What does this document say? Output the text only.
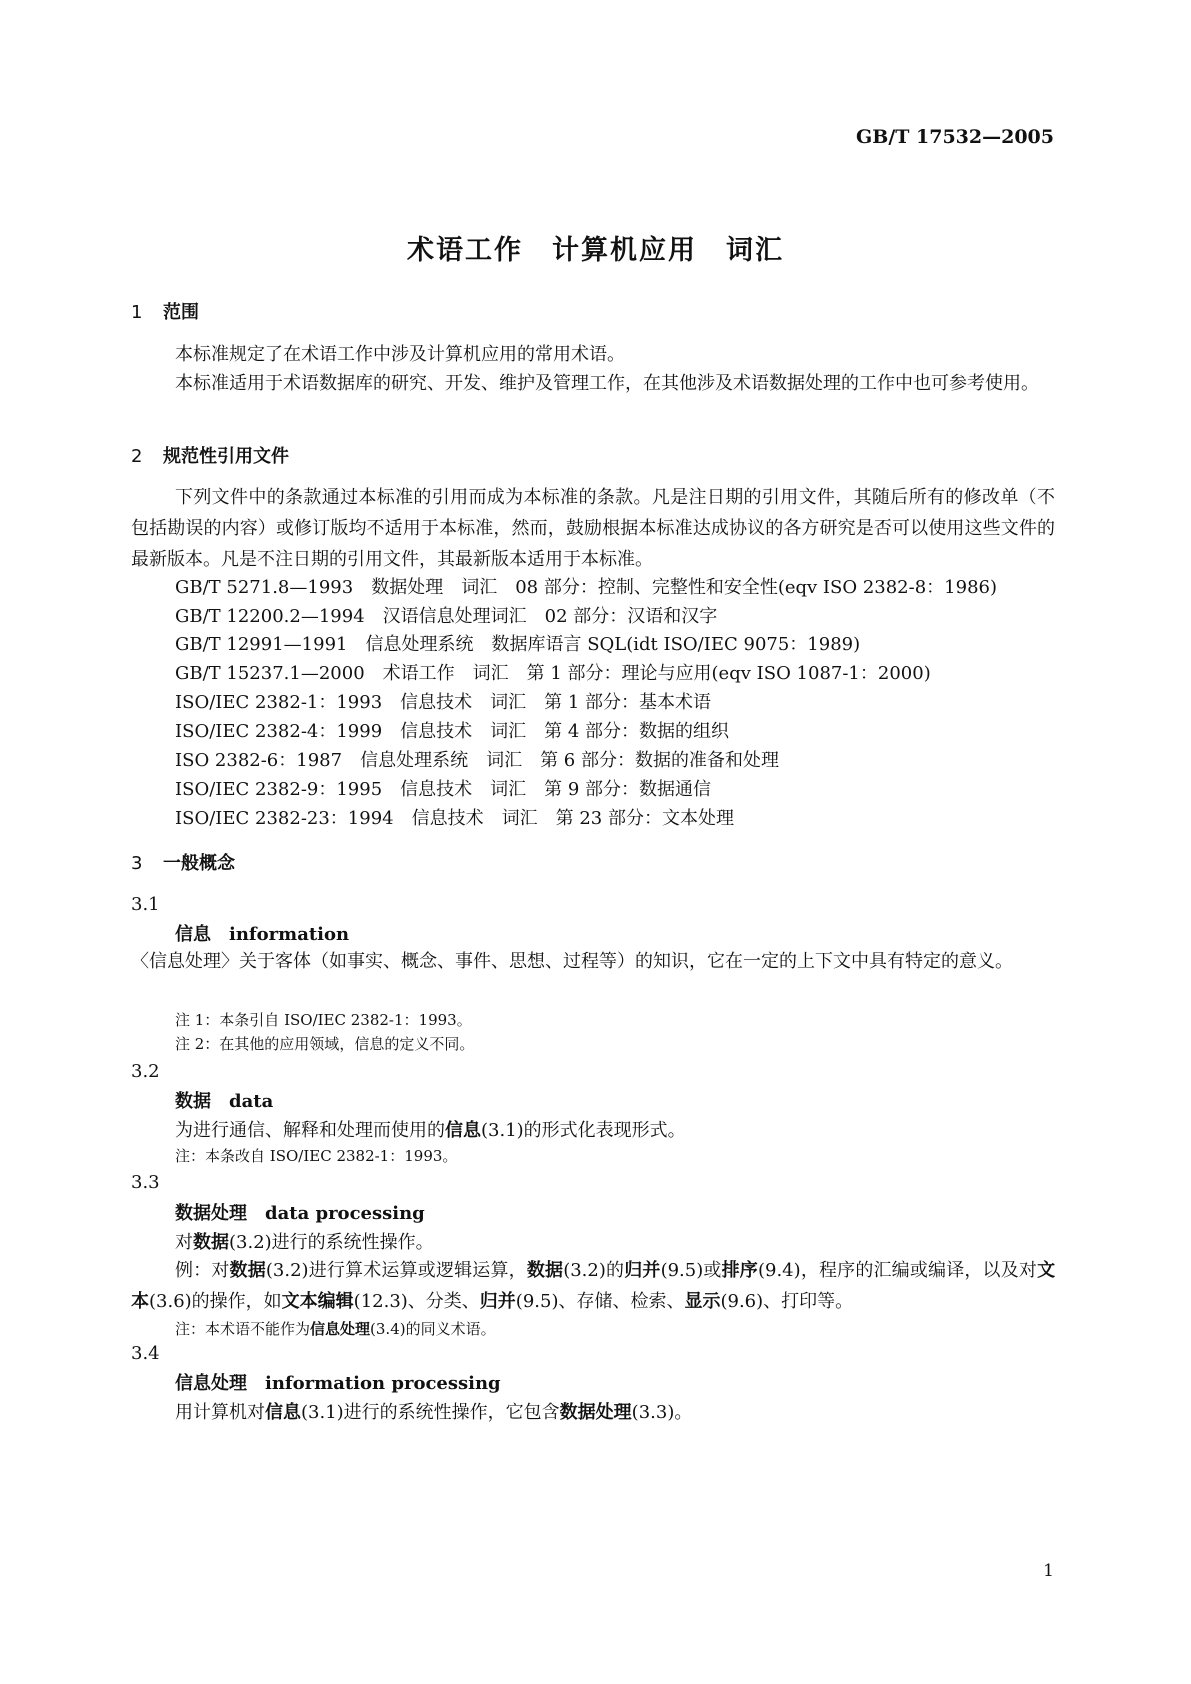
GB/T 17532—2005
术语工作　计算机应用　词汇
1 范围
本标准规定了在术语工作中涉及计算机应用的常用术语。
本标准适用于术语数据库的研究、开发、维护及管理工作，在其他涉及术语数据处理的工作中也可参考使用。
2 规范性引用文件
下列文件中的条款通过本标准的引用而成为本标准的条款。凡是注日期的引用文件，其随后所有的修改单（不包括勘误的内容）或修订版均不适用于本标准，然而，鼓励根据本标准达成协议的各方研究是否可以使用这些文件的最新版本。凡是不注日期的引用文件，其最新版本适用于本标准。
GB/T 5271.8—1993　数据处理　词汇　08 部分：控制、完整性和安全性(eqv ISO 2382-8：1986)
GB/T 12200.2—1994　汉语信息处理词汇　02 部分：汉语和汉字
GB/T 12991—1991　信息处理系统　数据库语言 SQL(idt ISO/IEC 9075：1989)
GB/T 15237.1—2000　术语工作　词汇　第 1 部分：理论与应用(eqv ISO 1087-1：2000)
ISO/IEC 2382-1：1993　信息技术　词汇　第 1 部分：基本术语
ISO/IEC 2382-4：1999　信息技术　词汇　第 4 部分：数据的组织
ISO 2382-6：1987　信息处理系统　词汇　第 6 部分：数据的准备和处理
ISO/IEC 2382-9：1995　信息技术　词汇　第 9 部分：数据通信
ISO/IEC 2382-23：1994　信息技术　词汇　第 23 部分：文本处理
3 一般概念
3.1
信息　information
〈信息处理〉关于客体（如事实、概念、事件、思想、过程等）的知识，它在一定的上下文中具有特定的意义。
注 1：本条引自 ISO/IEC 2382-1：1993。
注 2：在其他的应用领域，信息的定义不同。
3.2
数据　data
为进行通信、解释和处理而使用的信息(3.1)的形式化表现形式。
注：本条改自 ISO/IEC 2382-1：1993。
3.3
数据处理　data processing
对数据(3.2)进行的系统性操作。
例：对数据(3.2)进行算术运算或逻辑运算，数据(3.2)的归并(9.5)或排序(9.4)，程序的汇编或编译，以及对文本(3.6)的操作，如文本编辑(12.3)、分类、归并(9.5)、存储、检索、显示(9.6)、打印等。
注：本术语不能作为信息处理(3.4)的同义术语。
3.4
信息处理　information processing
用计算机对信息(3.1)进行的系统性操作，它包含数据处理(3.3)。
1
